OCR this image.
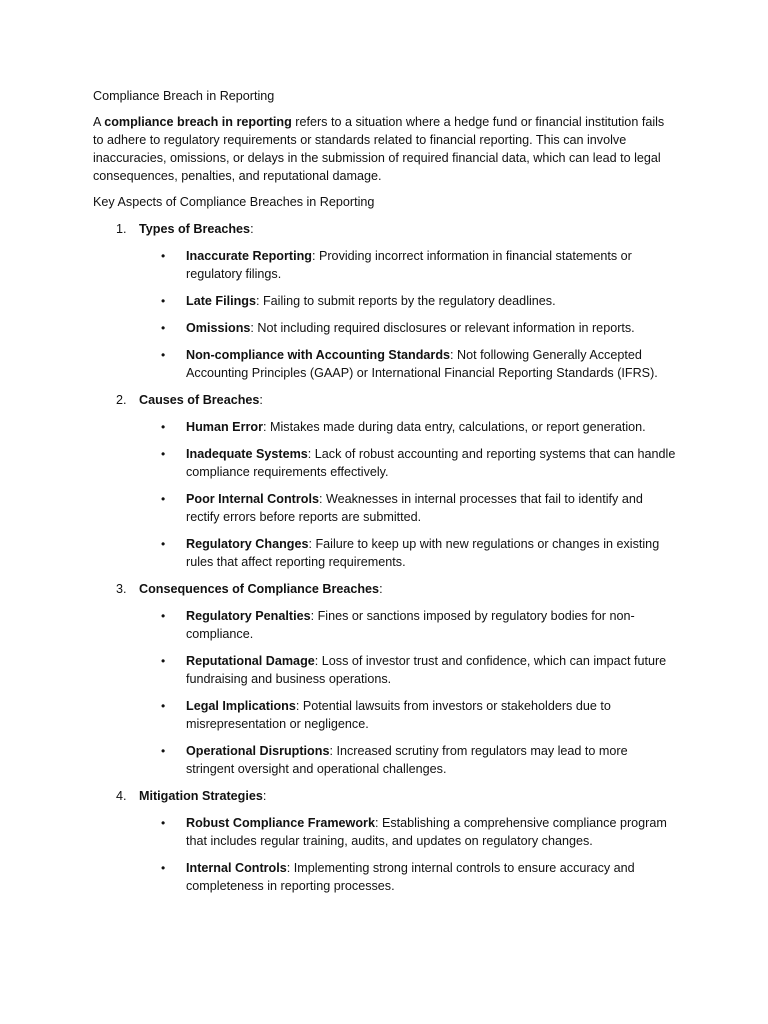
Compliance Breach in Reporting

A compliance breach in reporting refers to a situation where a hedge fund or financial institution fails to adhere to regulatory requirements or standards related to financial reporting. This can involve inaccuracies, omissions, or delays in the submission of required financial data, which can lead to legal consequences, penalties, and reputational damage.

Key Aspects of Compliance Breaches in Reporting
1. Types of Breaches:
• Inaccurate Reporting: Providing incorrect information in financial statements or regulatory filings.
• Late Filings: Failing to submit reports by the regulatory deadlines.
• Omissions: Not including required disclosures or relevant information in reports.
• Non-compliance with Accounting Standards: Not following Generally Accepted Accounting Principles (GAAP) or International Financial Reporting Standards (IFRS).
2. Causes of Breaches:
• Human Error: Mistakes made during data entry, calculations, or report generation.
• Inadequate Systems: Lack of robust accounting and reporting systems that can handle compliance requirements effectively.
• Poor Internal Controls: Weaknesses in internal processes that fail to identify and rectify errors before reports are submitted.
• Regulatory Changes: Failure to keep up with new regulations or changes in existing rules that affect reporting requirements.
3. Consequences of Compliance Breaches:
• Regulatory Penalties: Fines or sanctions imposed by regulatory bodies for non-compliance.
• Reputational Damage: Loss of investor trust and confidence, which can impact future fundraising and business operations.
• Legal Implications: Potential lawsuits from investors or stakeholders due to misrepresentation or negligence.
• Operational Disruptions: Increased scrutiny from regulators may lead to more stringent oversight and operational challenges.
4. Mitigation Strategies:
• Robust Compliance Framework: Establishing a comprehensive compliance program that includes regular training, audits, and updates on regulatory changes.
• Internal Controls: Implementing strong internal controls to ensure accuracy and completeness in reporting processes.
